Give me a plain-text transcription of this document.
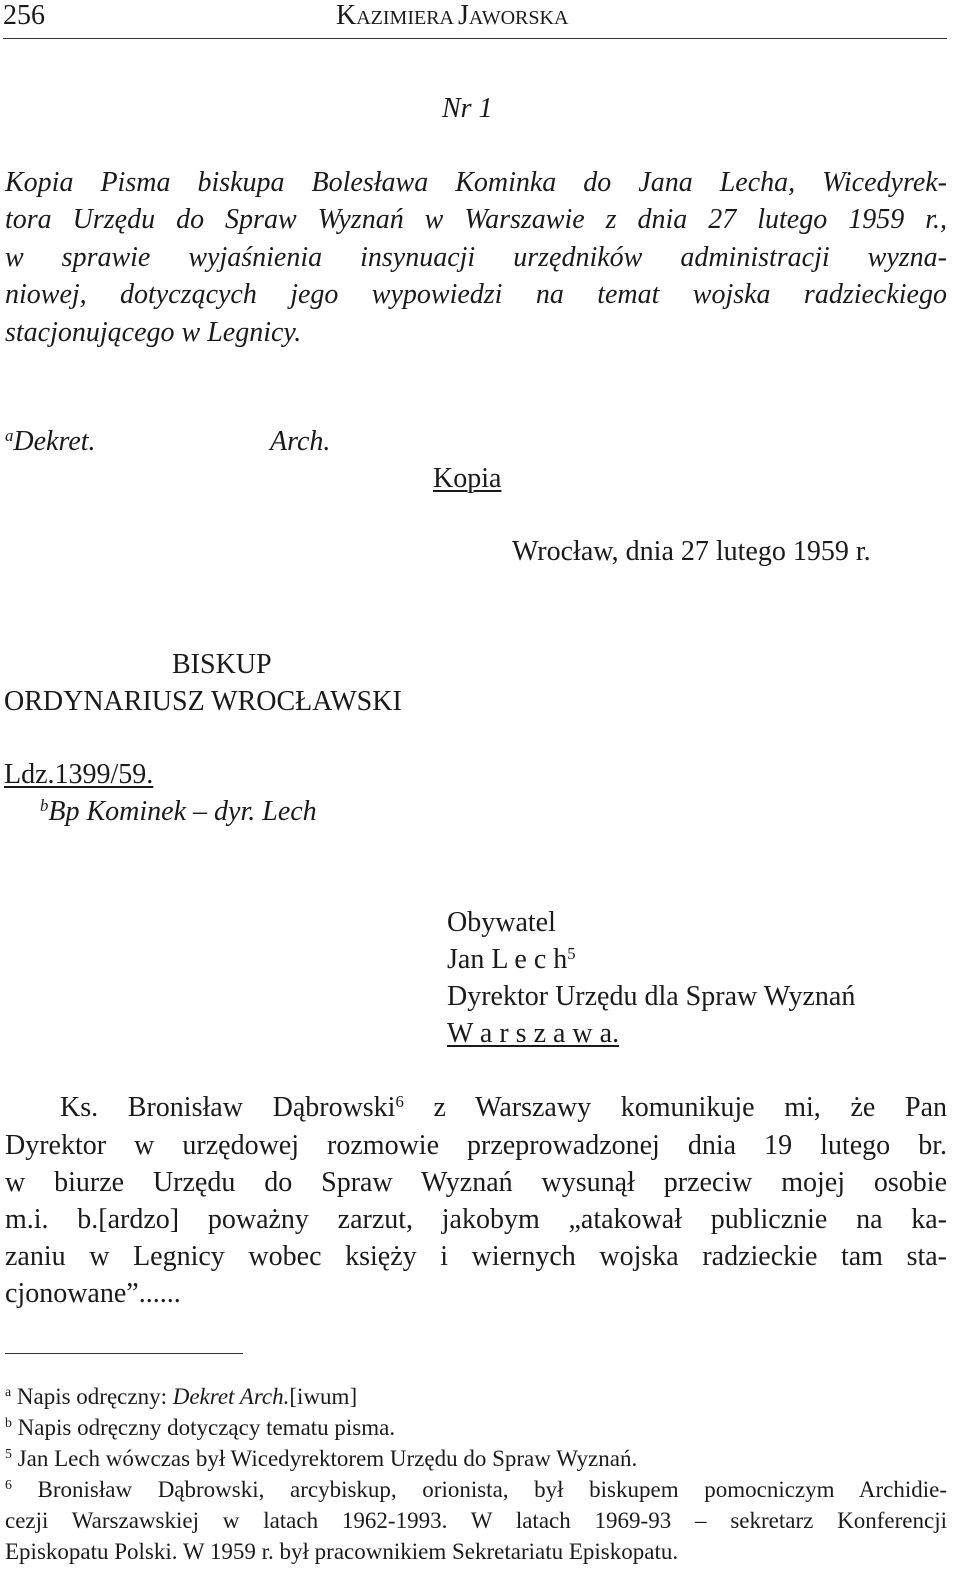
256	Kazimiera Jaworska
Nr 1
Kopia Pisma biskupa Bolesława Kominka do Jana Lecha, Wicedyrek-
tora Urzędu do Spraw Wyznań w Warszawie z dnia 27 lutego 1959 r.,
w sprawie wyjaśnienia insynuacji urzędników administracji wyzna-
niowej, dotyczących jego wypowiedzi na temat wojska radzieckiego
stacjonującego w Legnicy.
$^a$Dekret.	Arch.
Kopia
Wrocław, dnia 27 lutego 1959 r.
BISKUP
ORDYNARIUSZ WROCŁAWSKI
Ldz.1399/59.
$^b$Bp Kominek – dyr. Lech
Obywatel
Jan L e c $h^5$
Dyrektor Urzędu dla Spraw Wyznań
W a r s z a w a.
Ks. Bronisław Dąbrowski$^6$ z Warszawy komunikuje mi, że Pan
Dyrektor w urzędowej rozmowie przeprowadzonej dnia 19 lutego br.
w biurze Urzędu do Spraw Wyznań wysunął przeciw mojej osobie
m.i. b.[ardzo] poważny zarzut, jakobym „atakował publicznie na ka-
zaniu w Legnicy wobec księży i wiernych wojska radzieckie tam sta-
cjonowane”......
$^a$ Napis odręczny: Dekret Arch.[iwum]
$^b$ Napis odręczny dotyczący tematu pisma.
$^5$ Jan Lech wówczas był Wicedyrektorem Urzędu do Spraw Wyznań.
$^6$ Bronisław Dąbrowski, arcybiskup, orionista, był biskupem pomocniczym Archidie-
cezji Warszawskiej w latach 1962-1993. W latach 1969-93 – sekretarz Konferencji
Episkopatu Polski. W 1959 r. był pracownikiem Sekretariatu Episkopatu.
